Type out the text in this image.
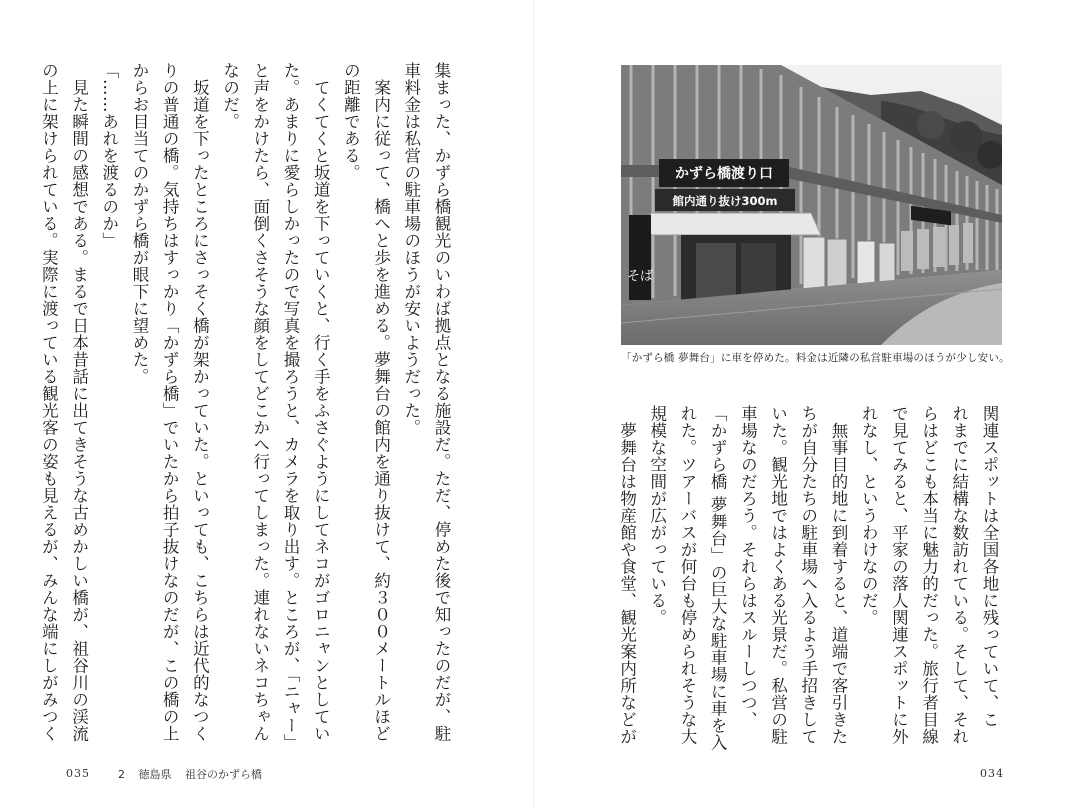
集まった、かずら橋観光のいわば拠点となる施設だ。ただ、停めた後で知ったのだが、駐

車料金は私営の駐車場のほうが安いようだった。

　案内に従って、橋へと歩を進める。夢舞台の館内を通り抜けて、約３００メートルほど

の距離である。

　てくてくと坂道を下っていくと、行く手をふさぐようにしてネコがゴロニャンとしてい

た。あまりに愛らしかったので写真を撮ろうと、カメラを取り出す。ところが、「ニャー」

と声をかけたら、面倒くさそうな顔をしてどこかへ行ってしまった。連れないネコちゃん

なのだ。

　坂道を下ったところにさっそく橋が架かっていた。といっても、こちらは近代的なつく

りの普通の橋。気持ちはすっかり「かずら橋」でいたから拍子抜けなのだが、この橋の上

からお目当てのかずら橋が眼下に望めた。

「……あれを渡るのか」

　見た瞬間の感想である。まるで日本昔話に出てきそうな古めかしい橋が、祖谷川の渓流

の上に架けられている。実際に渡っている観光客の姿も見えるが、みんな端にしがみつく

035	2 徳島県 祖谷のかずら橋
かずら橋渡り口
館内通り抜け300m
そば
「かずら橋 夢舞台」に車を停めた。料金は近隣の私営駐車場のほうが少し安い。

関連スポットは全国各地に残っていて、こ

れまでに結構な数訪れている。そして、それ

らはどこも本当に魅力的だった。旅行者目線

で見てみると、平家の落人関連スポットに外

れなし、というわけなのだ。

　無事目的地に到着すると、道端で客引きた

ちが自分たちの駐車場へ入るよう手招きして

いた。観光地ではよくある光景だ。私営の駐

車場なのだろう。それらはスルーしつつ、

「かずら橋 夢舞台」の巨大な駐車場に車を入

れた。ツアーバスが何台も停められそうな大

規模な空間が広がっている。

　夢舞台は物産館や食堂、観光案内所などが

034
